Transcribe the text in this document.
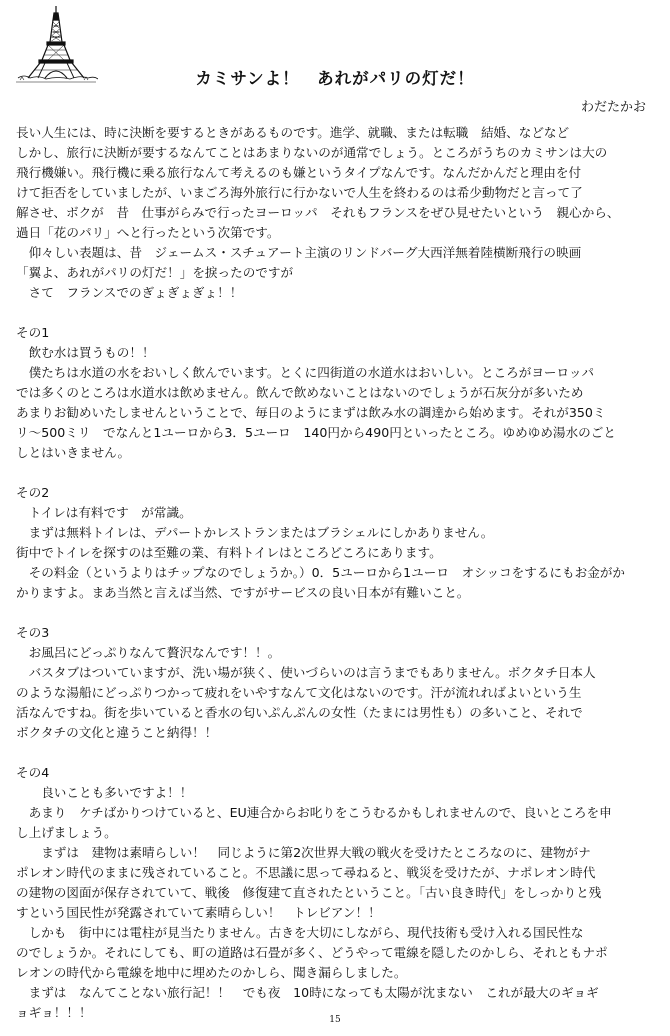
カミサンよ！　あれがパリの灯だ！
わだたかお
長い人生には、時に決断を要するときがあるものです。進学、就職、または転職　結婚、などなど
しかし、旅行に決断が要するなんてことはあまりないのが通常でしょう。ところがうちのカミサンは大の
飛行機嫌い。飛行機に乗る旅行なんて考えるのも嫌というタイプなんです。なんだかんだと理由を付
けて拒否をしていましたが、いまごろ海外旅行に行かないで人生を終わるのは希少動物だと言って了
解させ、ボクが　昔　仕事がらみで行ったヨーロッパ　それもフランスをぜひ見せたいという　親心から、
過日「花のパリ」へと行ったという次第です。
　仰々しい表題は、昔　ジェームス・スチュアート主演のリンドバーグ大西洋無着陸横断飛行の映画
「翼よ、あれがパリの灯だ！」を捩ったのですが
　さて　フランスでのぎょぎょぎょ！！
その1
　飲む水は買うもの！！
　僕たちは水道の水をおいしく飲んでいます。とくに四街道の水道水はおいしい。ところがヨーロッパ
では多くのところは水道水は飲めません。飲んで飲めないことはないのでしょうが石灰分が多いため
あまりお勧めいたしませんということで、毎日のようにまずは飲み水の調達から始めます。それが350ミ
リ～500ミリ　でなんと1ユーロから3．5ユーロ　140円から490円といったところ。ゆめゆめ湯水のごと
しとはいきません。
その2
　トイレは有料です　が常識。
　まずは無料トイレは、デパートかレストランまたはブラシェルにしかありません。
街中でトイレを探すのは至難の業、有料トイレはところどころにあります。
　その料金（というよりはチップなのでしょうか。）0．5ユーロから1ユーロ　オシッコをするにもお金がか
かりますよ。まあ当然と言えば当然、ですがサービスの良い日本が有難いこと。
その3
　お風呂にどっぷりなんて贅沢なんです！！。
　バスタブはついていますが、洗い場が狭く、使いづらいのは言うまでもありません。ボクタチ日本人
のような湯船にどっぷりつかって疲れをいやすなんて文化はないのです。汗が流れればよいという生
活なんですね。街を歩いていると香水の匂いぷんぷんの女性（たまには男性も）の多いこと、それで
ボクタチの文化と違うこと納得！！
その4
　　良いことも多いですよ！！
　あまり　ケチばかりつけていると、EU連合からお叱りをこうむるかもしれませんので、良いところを申
し上げましょう。
　　まずは　建物は素晴らしい！　同じように第2次世界大戦の戦火を受けたところなのに、建物がナ
ポレオン時代のままに残されていること。不思議に思って尋ねると、戦災を受けたが、ナポレオン時代
の建物の図面が保存されていて、戦後　修復建て直されたということ。「古い良き時代」をしっかりと残
すという国民性が発露されていて素晴らしい！　トレビアン！！
　しかも　街中には電柱が見当たりません。古きを大切にしながら、現代技術も受け入れる国民性な
のでしょうか。それにしても、町の道路は石畳が多く、どうやって電線を隠したのかしら、それともナポ
レオンの時代から電線を地中に埋めたのかしら、聞き漏らしました。
　まずは　なんてことない旅行記！！　でも夜　10時になっても太陽が沈まない　これが最大のギョギ
ョギョ！！！	15
